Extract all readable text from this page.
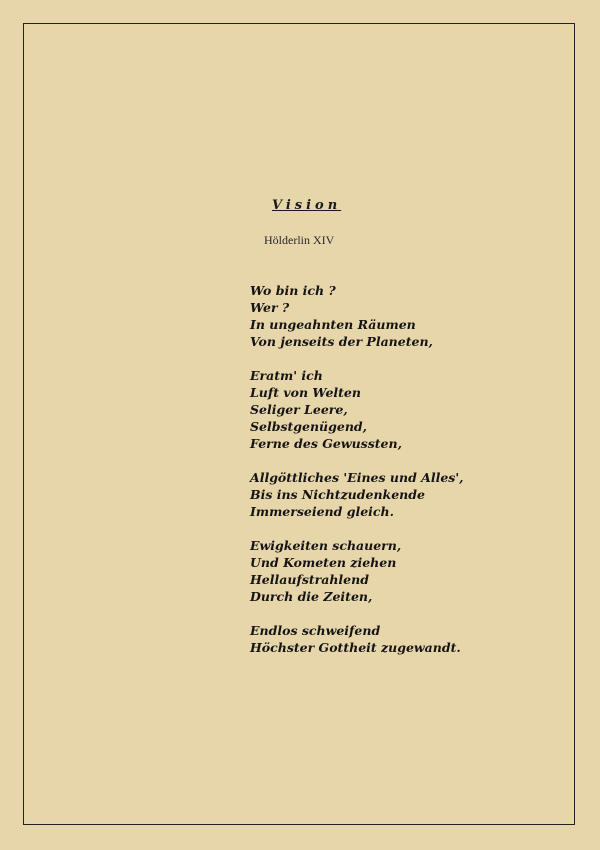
Vision
Hölderlin XIV
Wo bin ich ?
Wer ?
In ungeahnten Räumen
Von jenseits der Planeten,
Eratm' ich
Luft von Welten
Seliger Leere,
Selbstgenügend,
Ferne des Gewussten,
Allgöttliches 'Eines und Alles',
Bis ins Nichtzudenkende
Immerseiend gleich.
Ewigkeiten schauern,
Und Kometen ziehen
Hellaufstrahlend
Durch die Zeiten,
Endlos schweifend
Höchster Gottheit zugewandt.
